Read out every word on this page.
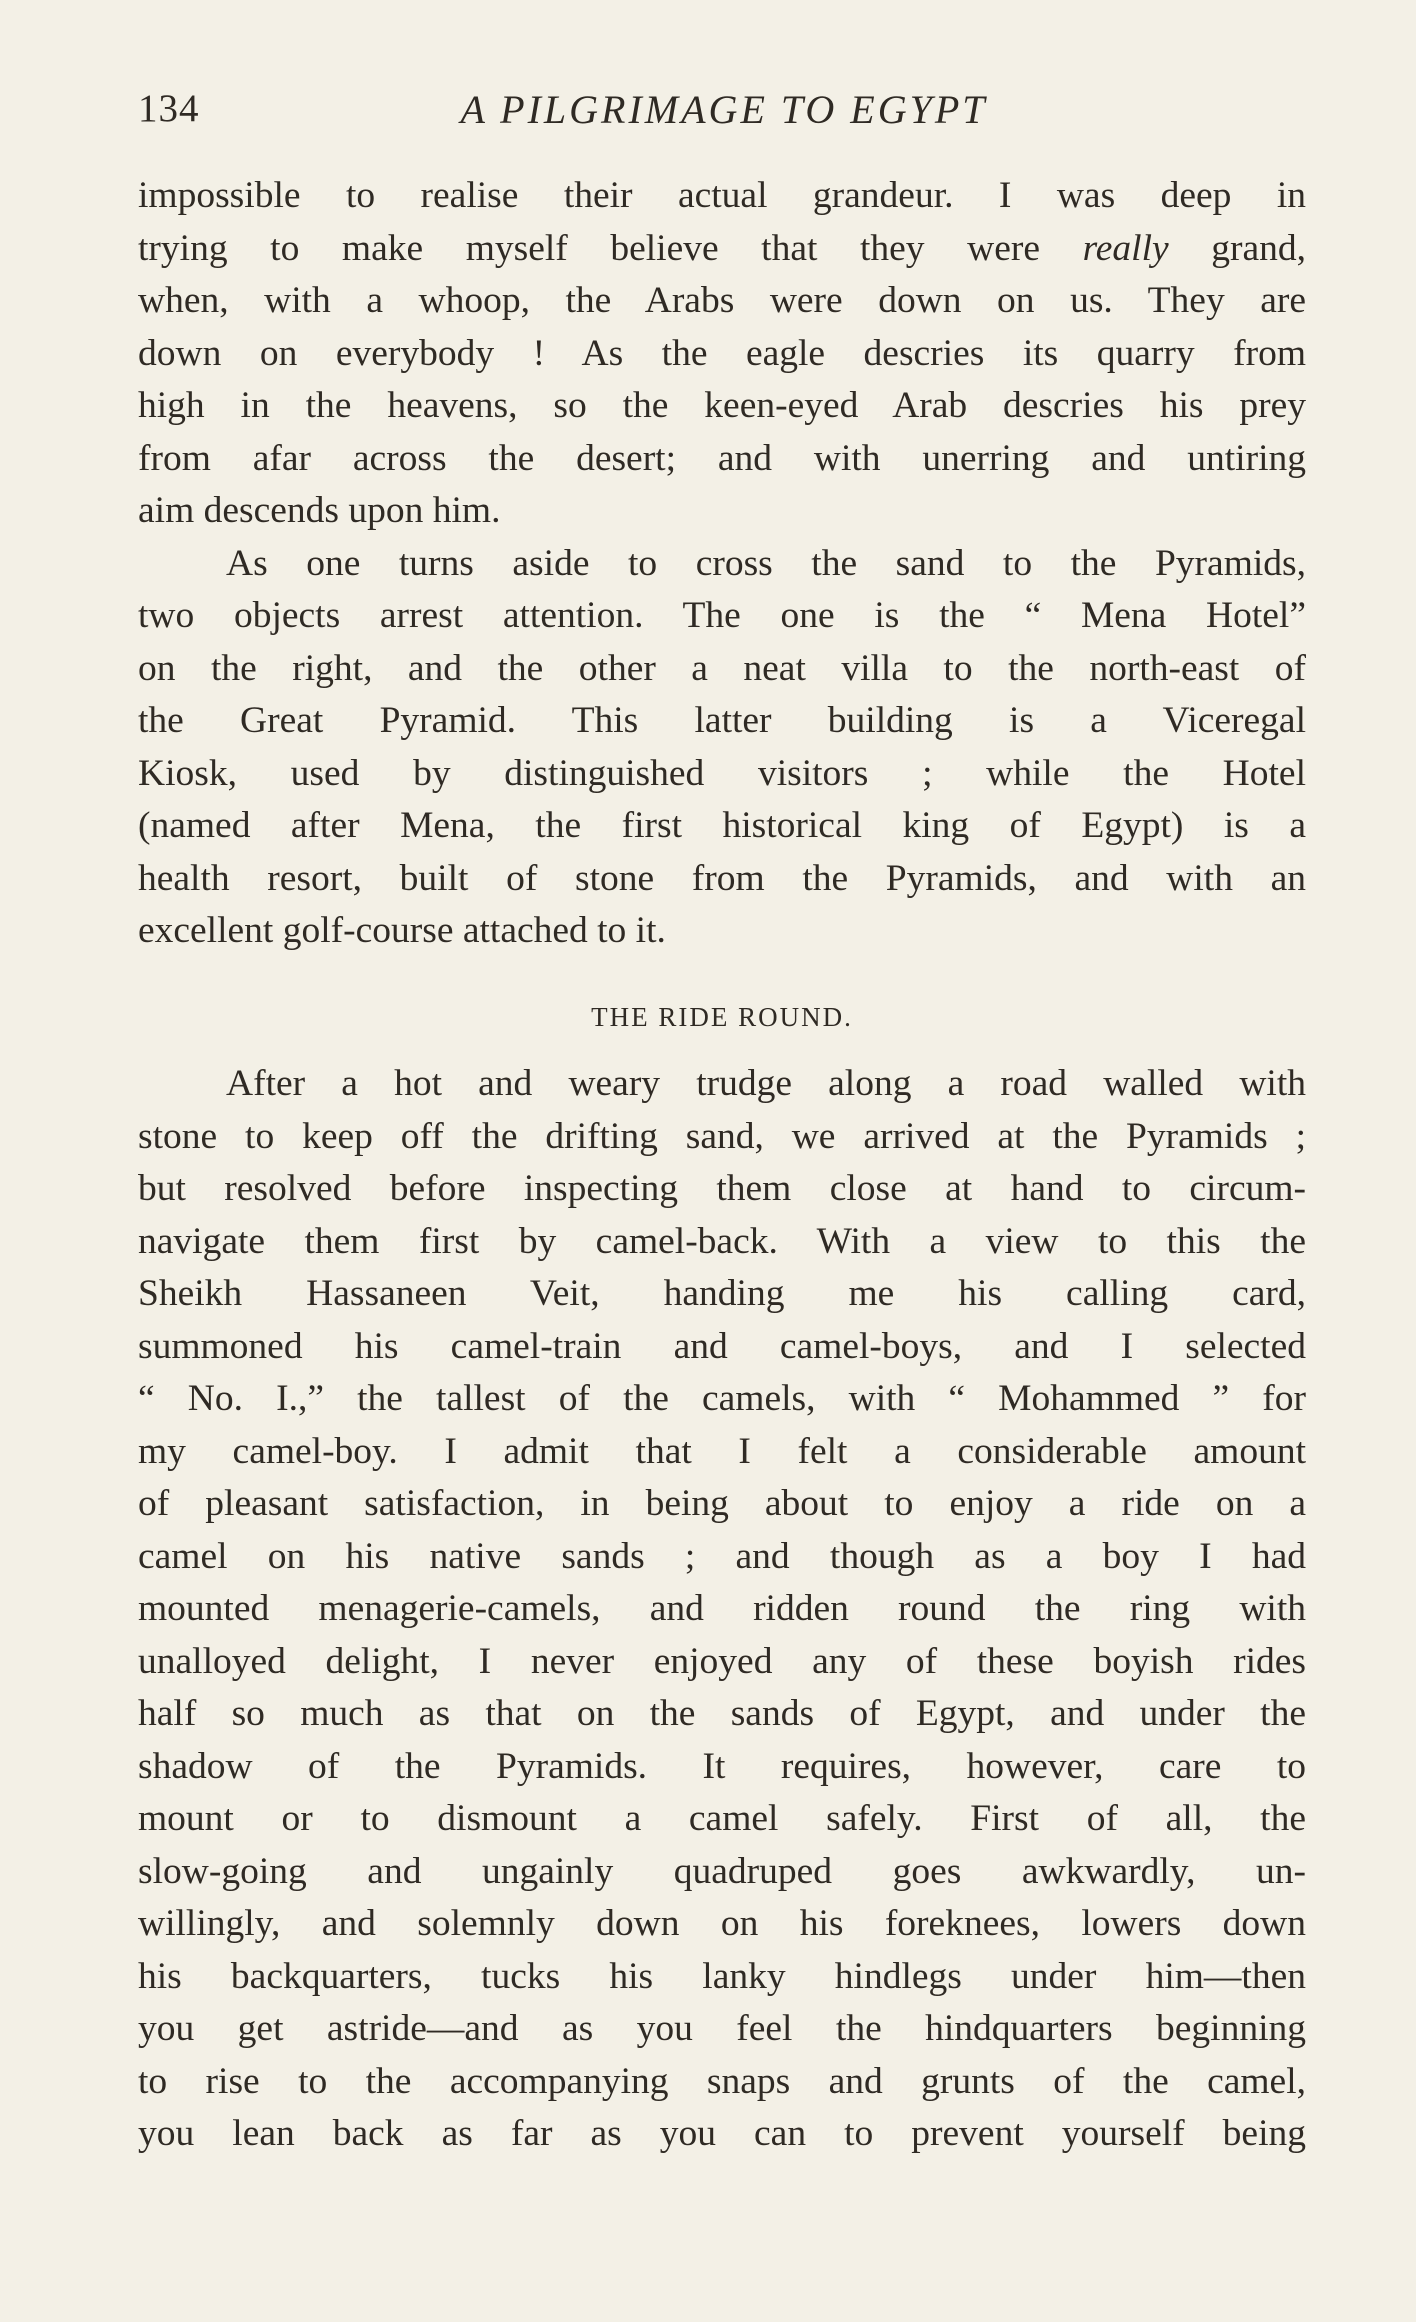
134	A PILGRIMAGE TO EGYPT
impossible to realise their actual grandeur. I was deep in
trying to make myself believe that they were really grand,
when, with a whoop, the Arabs were down on us. They are
down on everybody ! As the eagle descries its quarry from
high in the heavens, so the keen-eyed Arab descries his prey
from afar across the desert; and with unerring and untiring
aim descends upon him.
As one turns aside to cross the sand to the Pyramids,
two objects arrest attention. The one is the “ Mena Hotel”
on the right, and the other a neat villa to the north-east of
the Great Pyramid. This latter building is a Viceregal
Kiosk, used by distinguished visitors ; while the Hotel
(named after Mena, the first historical king of Egypt) is a
health resort, built of stone from the Pyramids, and with an
excellent golf-course attached to it.
THE RIDE ROUND.
After a hot and weary trudge along a road walled with
stone to keep off the drifting sand, we arrived at the Pyramids ;
but resolved before inspecting them close at hand to circum-
navigate them first by camel-back. With a view to this the
Sheikh Hassaneen Veit, handing me his calling card,
summoned his camel-train and camel-boys, and I selected
“ No. I.,” the tallest of the camels, with “ Mohammed ” for
my camel-boy. I admit that I felt a considerable amount
of pleasant satisfaction, in being about to enjoy a ride on a
camel on his native sands ; and though as a boy I had
mounted menagerie-camels, and ridden round the ring with
unalloyed delight, I never enjoyed any of these boyish rides
half so much as that on the sands of Egypt, and under the
shadow of the Pyramids. It requires, however, care to
mount or to dismount a camel safely. First of all, the
slow-going and ungainly quadruped goes awkwardly, un-
willingly, and solemnly down on his foreknees, lowers down
his backquarters, tucks his lanky hindlegs under him—then
you get astride—and as you feel the hindquarters beginning
to rise to the accompanying snaps and grunts of the camel,
you lean back as far as you can to prevent yourself being
